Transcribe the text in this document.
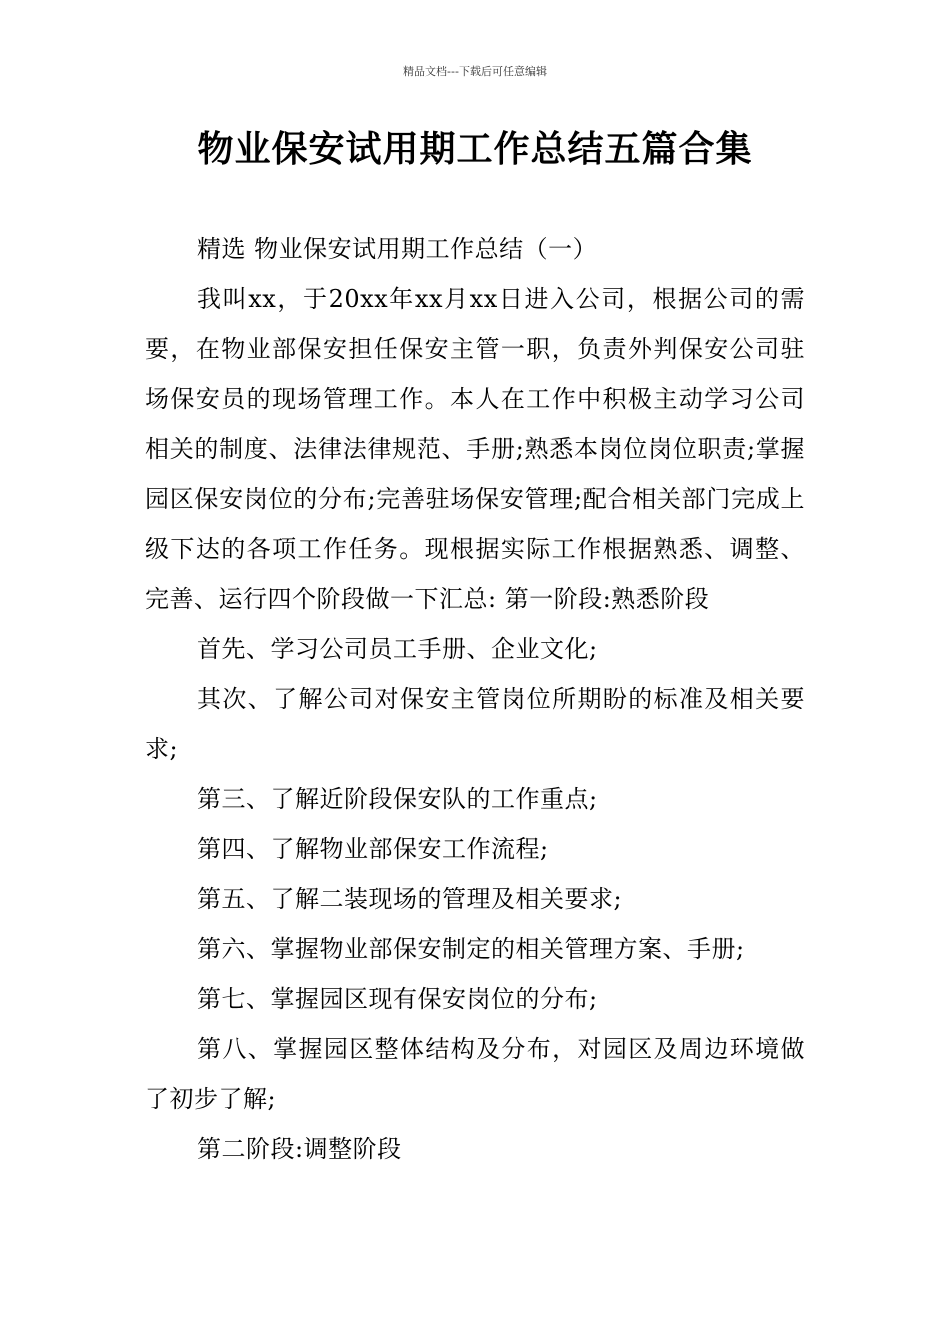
精品文档---下载后可任意编辑
物业保安试用期工作总结五篇合集

精选 物业保安试用期工作总结（一）

我叫xx，于20xx年xx月xx日进入公司，根据公司的需要，在物业部保安担任保安主管一职，负责外判保安公司驻场保安员的现场管理工作。本人在工作中积极主动学习公司相关的制度、法律法律规范、手册;熟悉本岗位岗位职责;掌握园区保安岗位的分布;完善驻场保安管理;配合相关部门完成上级下达的各项工作任务。现根据实际工作根据熟悉、调整、完善、运行四个阶段做一下汇总: 第一阶段:熟悉阶段

首先、学习公司员工手册、企业文化;

其次、了解公司对保安主管岗位所期盼的标准及相关要求;

第三、了解近阶段保安队的工作重点;

第四、了解物业部保安工作流程;

第五、了解二装现场的管理及相关要求;

第六、掌握物业部保安制定的相关管理方案、手册;

第七、掌握园区现有保安岗位的分布;

第八、掌握园区整体结构及分布，对园区及周边环境做了初步了解;

第二阶段:调整阶段
